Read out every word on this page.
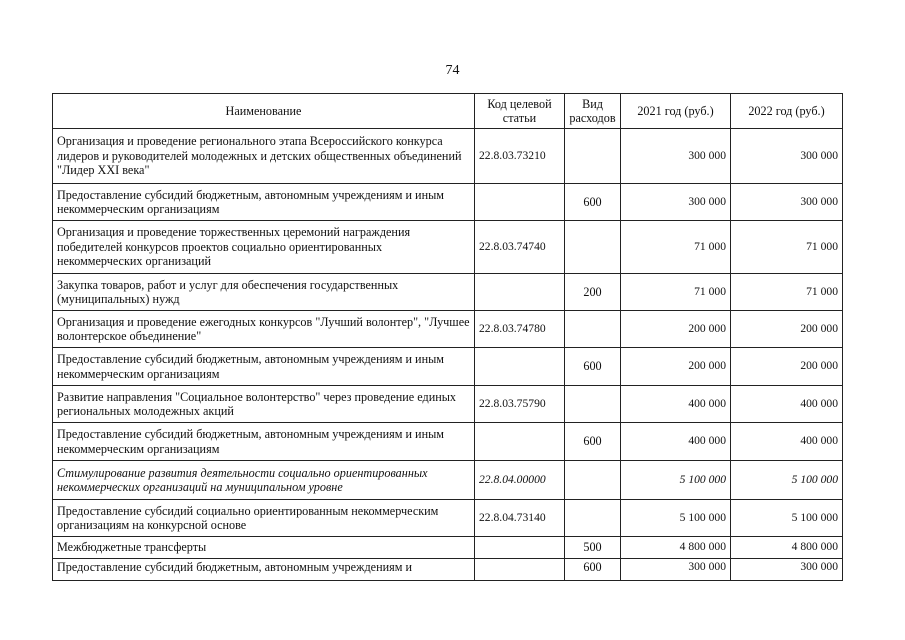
74
Наименование	Код целевой статьи	Вид расходов	2021 год (руб.)	2022 год (руб.)
Организация и проведение регионального этапа Всероссийского конкурса лидеров и руководителей молодежных и детских общественных объединений "Лидер XXI века"	22.8.03.73210		300 000	300 000
Предоставление субсидий бюджетным, автономным учреждениям и иным некоммерческим организациям		600	300 000	300 000
Организация и проведение торжественных церемоний награждения победителей конкурсов проектов социально ориентированных некоммерческих организаций	22.8.03.74740		71 000	71 000
Закупка товаров, работ и услуг для обеспечения государственных (муниципальных) нужд		200	71 000	71 000
Организация и проведение ежегодных конкурсов "Лучший волонтер", "Лучшее волонтерское объединение"	22.8.03.74780		200 000	200 000
Предоставление субсидий бюджетным, автономным учреждениям и иным некоммерческим организациям		600	200 000	200 000
Развитие направления "Социальное волонтерство" через проведение единых региональных молодежных акций	22.8.03.75790		400 000	400 000
Предоставление субсидий бюджетным, автономным учреждениям и иным некоммерческим организациям		600	400 000	400 000
Стимулирование развития деятельности социально ориентированных некоммерческих организаций на муниципальном уровне	22.8.04.00000		5 100 000	5 100 000
Предоставление субсидий социально ориентированным некоммерческим организациям на конкурсной основе	22.8.04.73140		5 100 000	5 100 000
Межбюджетные трансферты		500	4 800 000	4 800 000
Предоставление субсидий бюджетным, автономным учреждениям и		600	300 000	300 000
